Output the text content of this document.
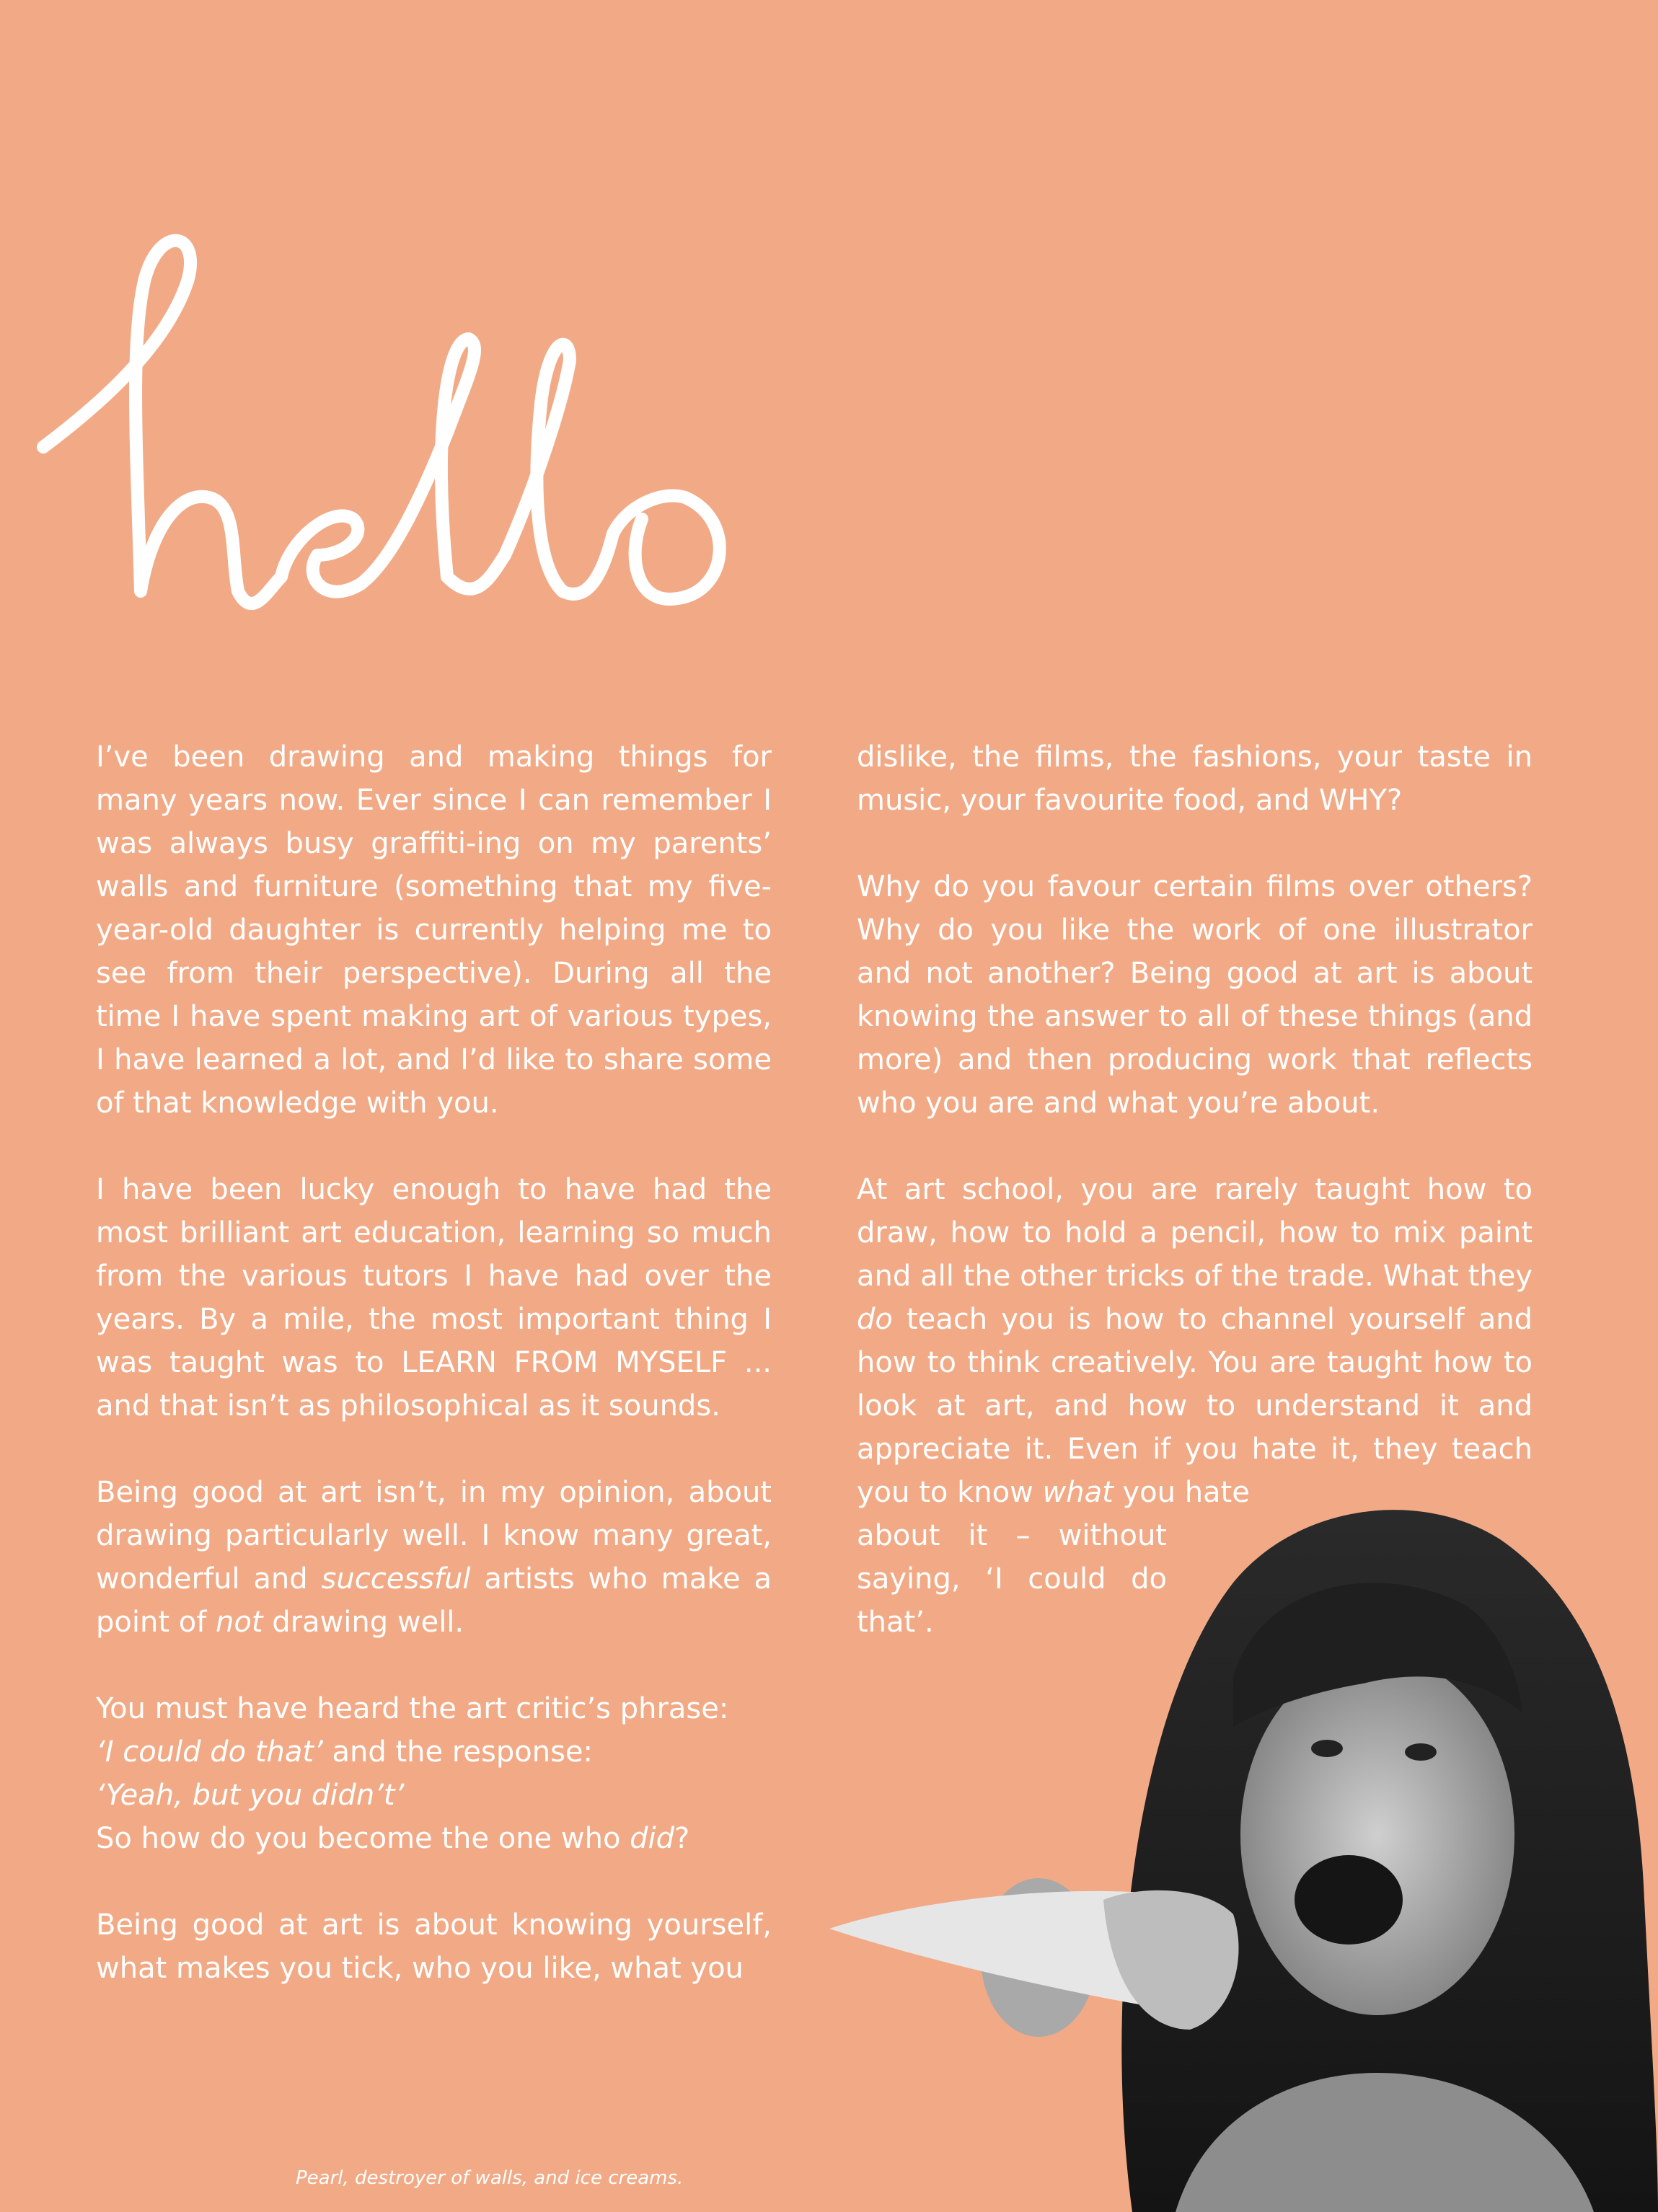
I’ve been drawing and making things for many years now. Ever since I can remember I was always busy graffiti-ing on my parents’ walls and furniture (something that my five-year-old daughter is currently helping me to see from their perspective). During all the time I have spent making art of various types, I have learned a lot, and I’d like to share some of that knowledge with you.

I have been lucky enough to have had the most brilliant art education, learning so much from the various tutors I have had over the years. By a mile, the most important thing I was taught was to LEARN FROM MYSELF ... and that isn’t as philosophical as it sounds.

Being good at art isn’t, in my opinion, about drawing particularly well. I know many great, wonderful and successful artists who make a point of not drawing well.

You must have heard the art critic’s phrase:
‘I could do that’ and the response:
‘Yeah, but you didn’t’
So how do you become the one who did?

Being good at art is about knowing yourself, what makes you tick, who you like, what you

dislike, the films, the fashions, your taste in music, your favourite food, and WHY?

Why do you favour certain films over others? Why do you like the work of one illustrator and not another? Being good at art is about knowing the answer to all of these things (and more) and then producing work that reflects who you are and what you’re about.

At art school, you are rarely taught how to draw, how to hold a pencil, how to mix paint and all the other tricks of the trade. What they do teach you is how to channel yourself and how to think creatively. You are taught how to look at art, and how to understand it and appreciate it. Even if you hate it, they teach you to know what you hate

about it – without saying, ‘I could do that’.

Pearl, destroyer of walls, and ice creams.
